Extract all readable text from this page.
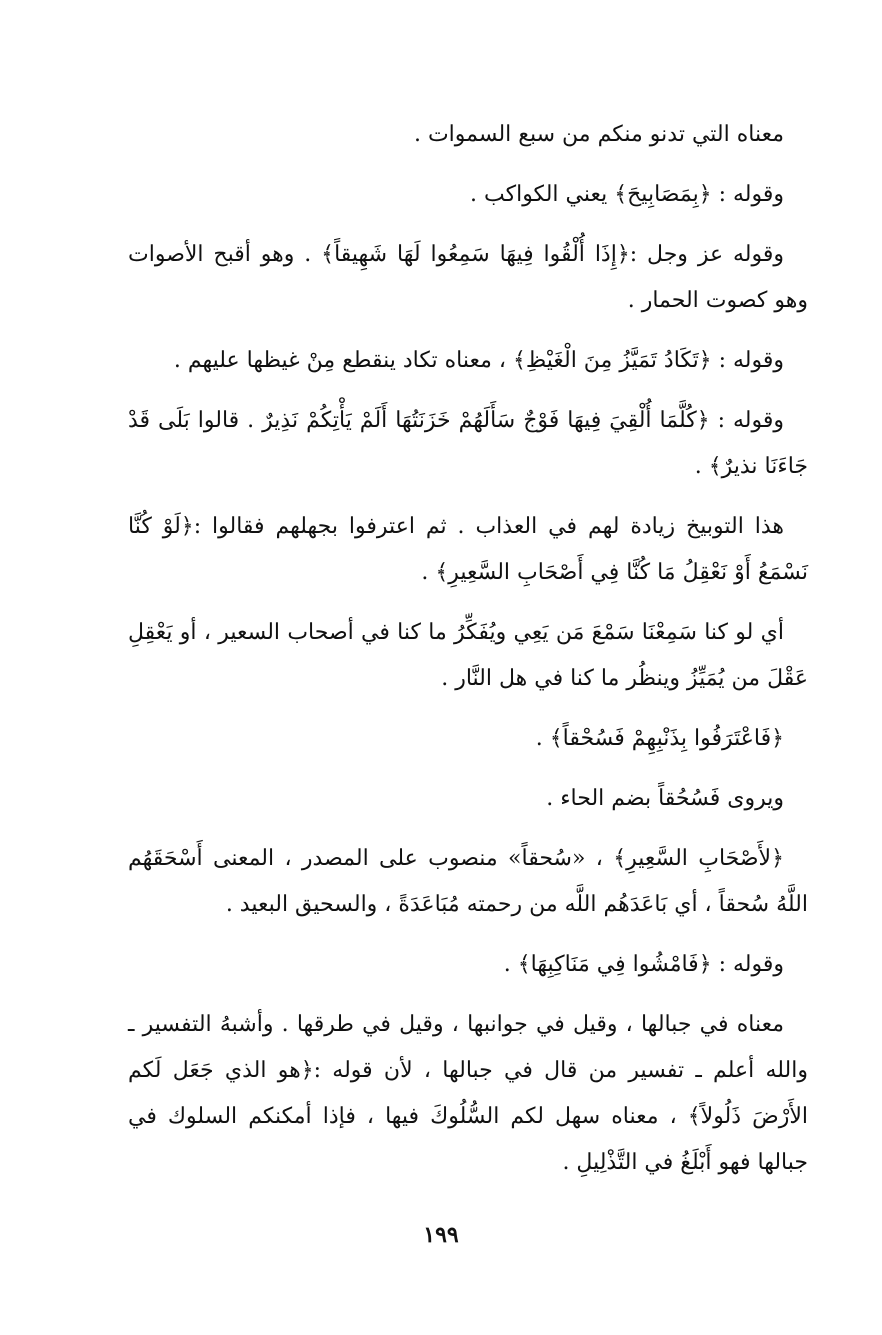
معناه التي تدنو منكم من سبع السموات .

وقوله : ﴿بِمَصَابِيحَ﴾ يعني الكواكب .

وقوله عز وجل :﴿إِذَا أُلْقُوا فِيهَا سَمِعُوا لَهَا شَهِيقاً﴾ . وهو أقبح الأصوات وهو كصوت الحمار .

وقوله : ﴿تَكَادُ تَمَيَّزُ مِنَ الْغَيْظِ﴾ ، معناه تكاد ينقطع مِنْ غيظها عليهم .

وقوله : ﴿كُلَّمَا أُلْقِيَ فِيهَا فَوْجٌ سَأَلَهُمْ خَزَنَتُهَا أَلَمْ يَأْتِكُمْ نَذِيرٌ . قالوا بَلَى قَدْ جَاءَنَا نذيرٌ﴾ .

هذا التوبيخ زيادة لهم في العذاب . ثم اعترفوا بجهلهم فقالوا :﴿لَوْ كُنَّا نَسْمَعُ أَوْ نَعْقِلُ مَا كُنَّا فِي أَصْحَابِ السَّعِيرِ﴾ .

أي لو كنا سَمِعْنَا سَمْعَ مَن يَعِي ويُفَكِّرُ ما كنا في أصحاب السعير ، أو يَعْقِلِ عَقْلَ من يُمَيِّزُ وينظُر ما كنا في هل النَّار .

﴿فَاعْتَرَفُوا بِذَنْبِهِمْ فَسُحْقاً﴾ .

ويروى فَسُحُقاً بضم الحاء .

﴿لأَصْحَابِ السَّعِيرِ﴾ ، «سُحقاً» منصوب على المصدر ، المعنى أَسْحَقَهُم اللَّهُ سُحقاً ، أي بَاعَدَهُم اللَّه من رحمته مُبَاعَدَةً ، والسحيق البعيد .

وقوله : ﴿فَامْشُوا فِي مَنَاكِبِهَا﴾ .

معناه في جبالها ، وقيل في جوانبها ، وقيل في طرقها . وأشبهُ التفسير ـ والله أعلم ـ تفسير من قال في جبالها ، لأن قوله :﴿هو الذي جَعَل لَكم الأَرْضَ ذَلُولاً﴾ ، معناه سهل لكم السُّلُوكَ فيها ، فإذا أمكنكم السلوك في جبالها فهو أَبْلَغُ في التَّذْلِيلِ .

١٩٩
